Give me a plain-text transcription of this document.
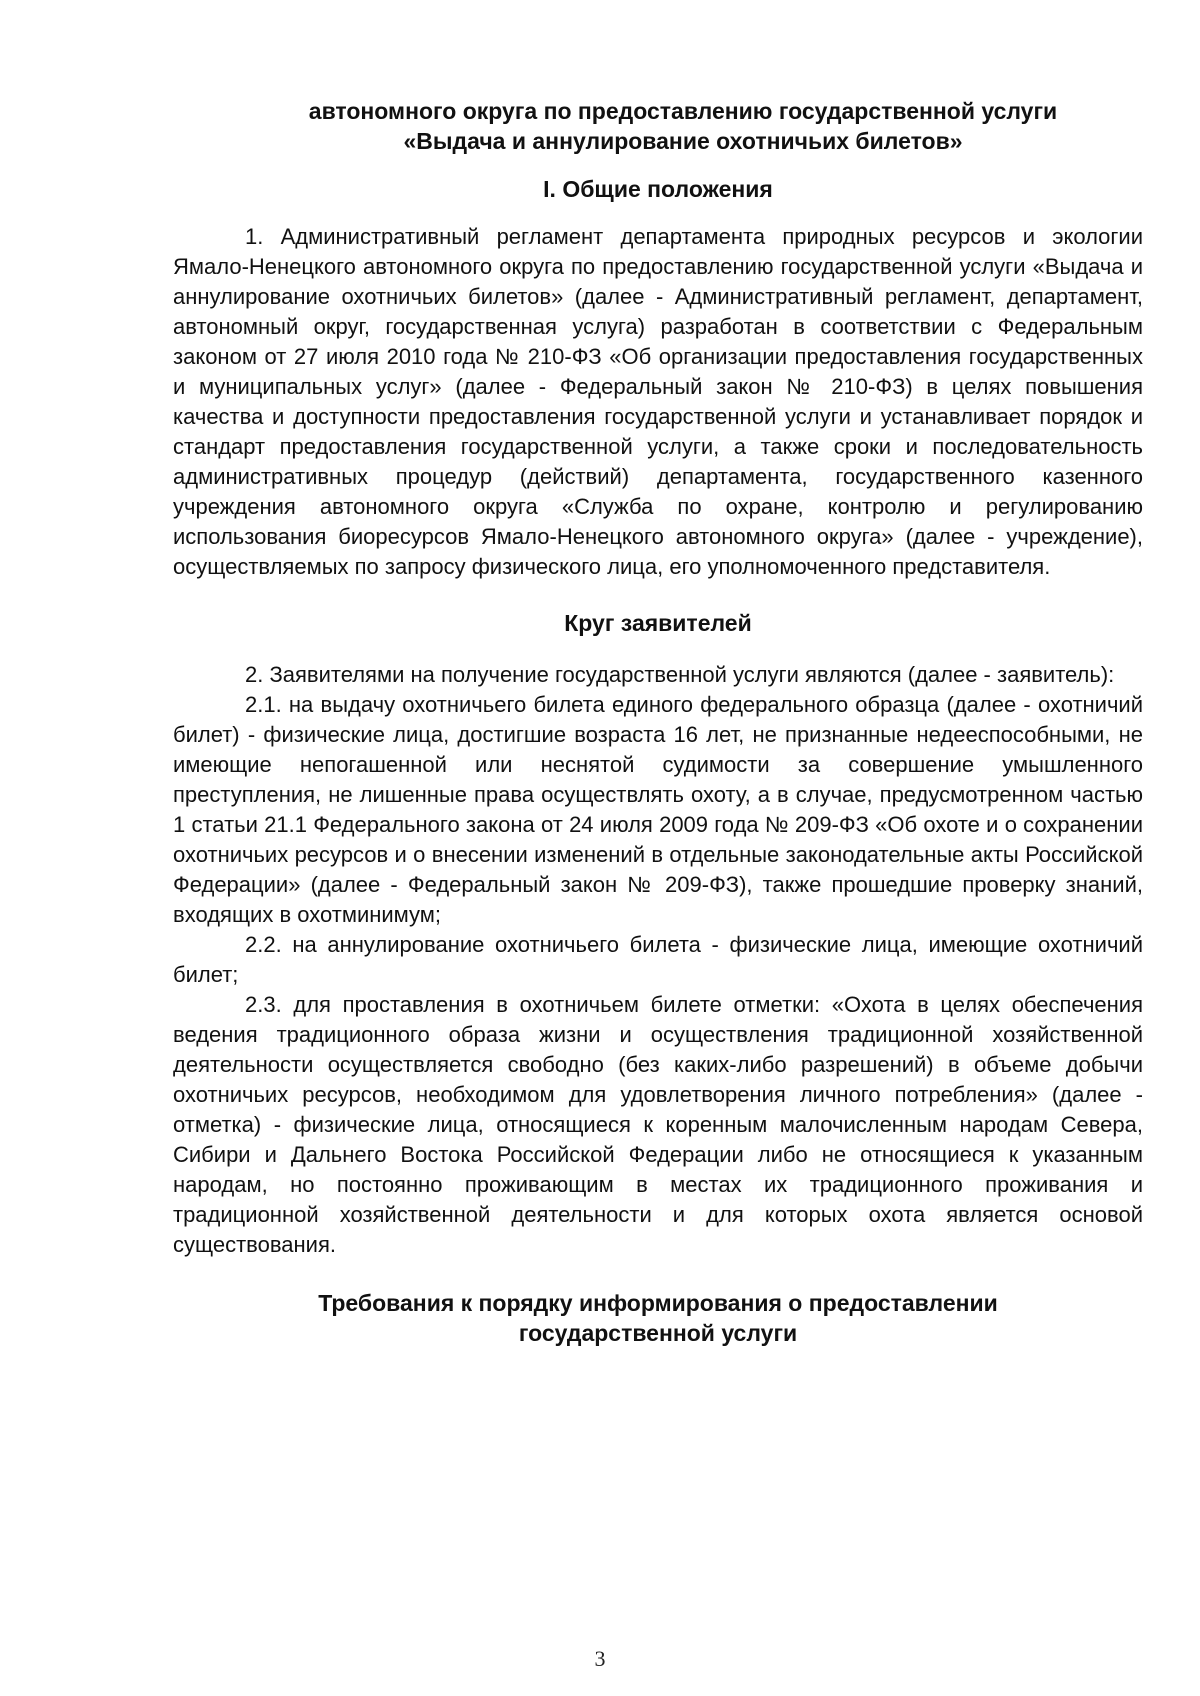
автономного округа по предоставлению государственной услуги
«Выдача и аннулирование охотничьих билетов»
I. Общие положения

1. Административный регламент департамента природных ресурсов и экологии Ямало-Ненецкого автономного округа по предоставлению государственной услуги «Выдача и аннулирование охотничьих билетов» (далее - Административный регламент, департамент, автономный округ, государственная услуга) разработан в соответствии с Федеральным законом от 27 июля 2010 года № 210-ФЗ «Об организации предоставления государственных и муниципальных услуг» (далее - Федеральный закон № 210-ФЗ) в целях повышения качества и доступности предоставления государственной услуги и устанавливает порядок и стандарт предоставления государственной услуги, а также сроки и последовательность административных процедур (действий) департамента, государственного казенного учреждения автономного округа «Служба по охране, контролю и регулированию использования биоресурсов Ямало-Ненецкого автономного округа» (далее - учреждение), осуществляемых по запросу физического лица, его уполномоченного представителя.

Круг заявителей

2. Заявителями на получение государственной услуги являются (далее - заявитель):

2.1. на выдачу охотничьего билета единого федерального образца (далее - охотничий билет) - физические лица, достигшие возраста 16 лет, не признанные недееспособными, не имеющие непогашенной или неснятой судимости за совершение умышленного преступления, не лишенные права осуществлять охоту, а в случае, предусмотренном частью 1 статьи 21.1 Федерального закона от 24 июля 2009 года № 209-ФЗ «Об охоте и о сохранении охотничьих ресурсов и о внесении изменений в отдельные законодательные акты Российской Федерации» (далее - Федеральный закон № 209-ФЗ), также прошедшие проверку знаний, входящих в охотминимум;

2.2. на аннулирование охотничьего билета - физические лица, имеющие охотничий билет;

2.3. для проставления в охотничьем билете отметки: «Охота в целях обеспечения ведения традиционного образа жизни и осуществления традиционной хозяйственной деятельности осуществляется свободно (без каких-либо разрешений) в объеме добычи охотничьих ресурсов, необходимом для удовлетворения личного потребления» (далее - отметка) - физические лица, относящиеся к коренным малочисленным народам Севера, Сибири и Дальнего Востока Российской Федерации либо не относящиеся к указанным народам, но постоянно проживающим в местах их традиционного проживания и традиционной хозяйственной деятельности и для которых охота является основой существования.

Требования к порядку информирования о предоставлении
государственной услуги
3
